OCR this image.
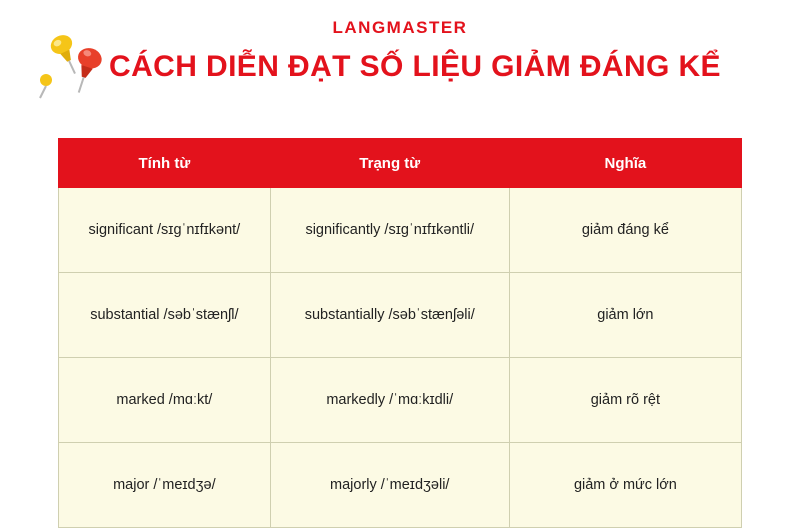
LANGMASTER
CÁCH DIỄN ĐẠT SỐ LIỆU GIẢM ĐÁNG KỂ
Tính từ	Trạng từ	Nghĩa
significant /sɪɡˈnɪfɪkənt/	significantly /sɪɡˈnɪfɪkəntli/	giảm đáng kể
substantial /səbˈstænʃl/	substantially /səbˈstænʃəli/	giảm lớn
marked /mɑːkt/	markedly /ˈmɑːkɪdli/	giảm rõ rệt
major /ˈmeɪdʒə/	majorly /ˈmeɪdʒəli/	giảm ở mức lớn
